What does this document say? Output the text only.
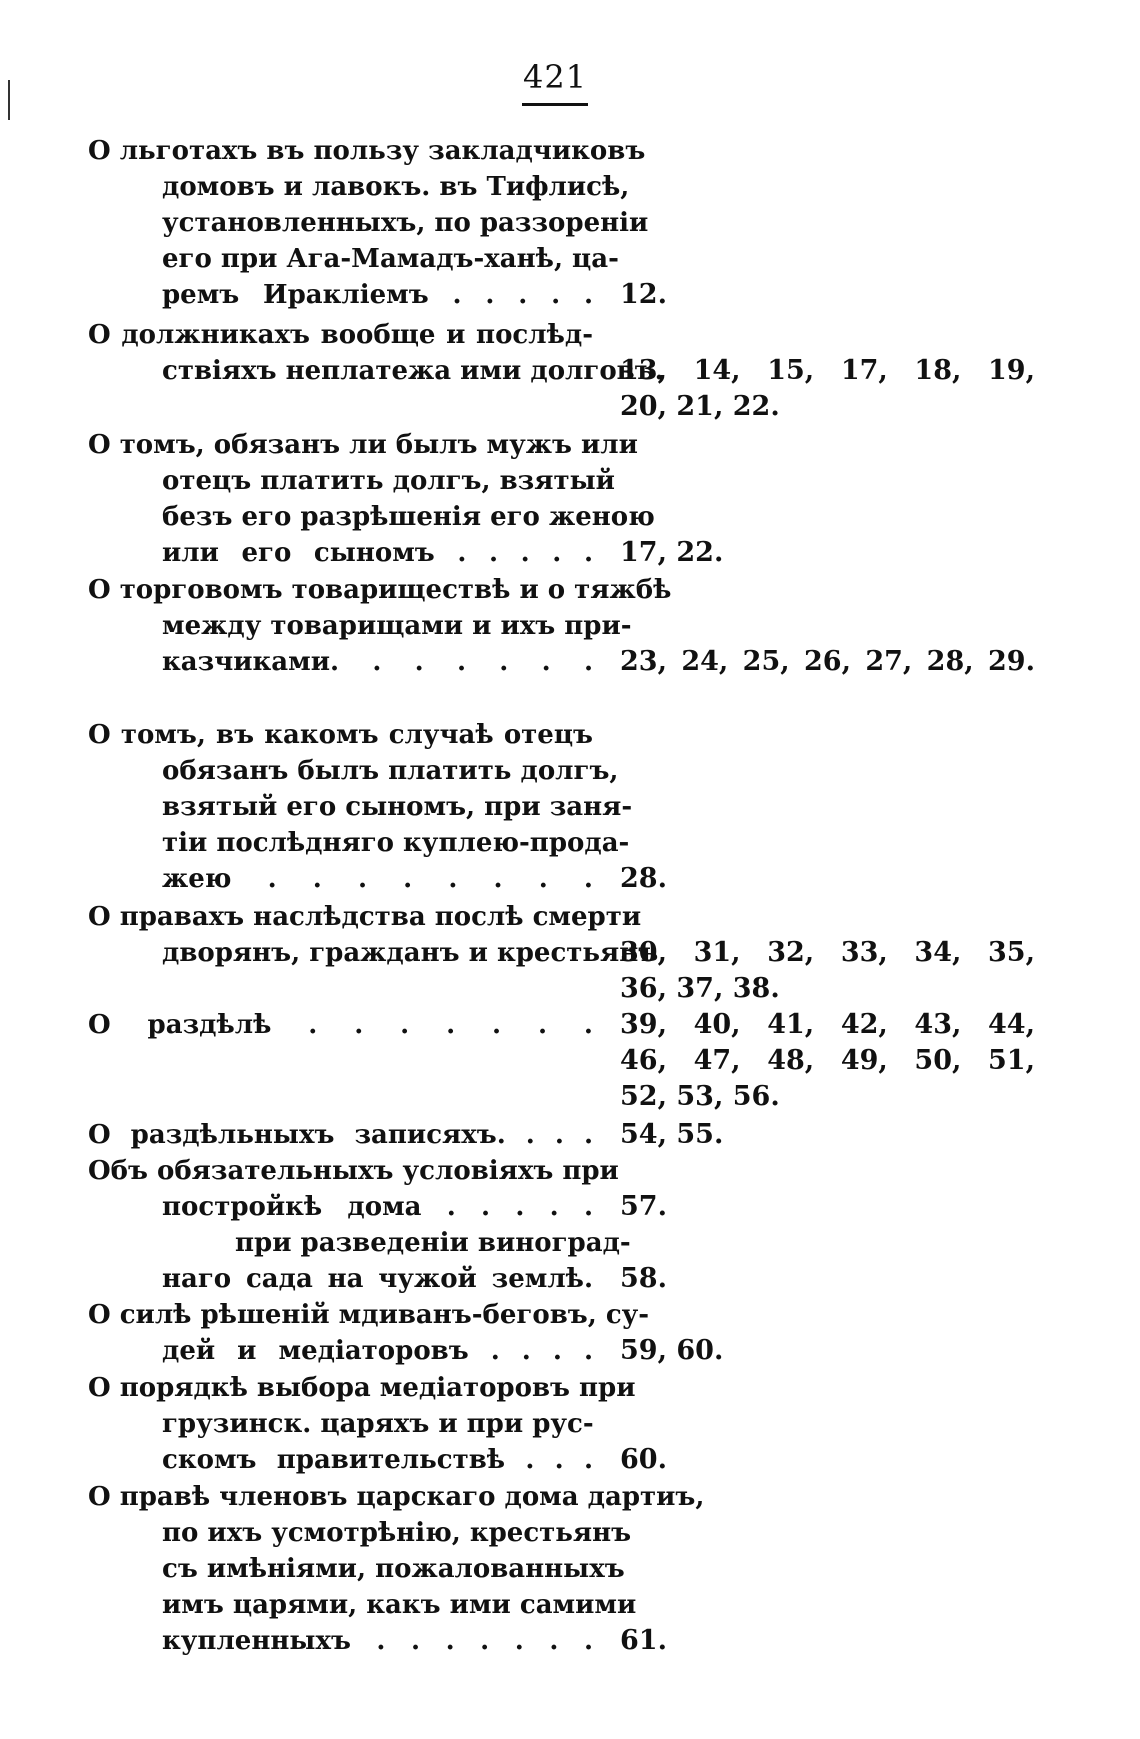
421
О льготахъ въ пользу закладчиковъ
домовъ и лавокъ. въ Тифлисѣ,
установленныхъ, по раззореніи
его при Ага-Мамадъ-ханѣ, ца-
ремъ Иракліемъ . . . . . 12.
О должникахъ вообще и послѣд-
ствіяхъ неплатежа ими долговъ.
13, 14, 15, 17, 18, 19,
20, 21, 22.
О томъ, обязанъ ли былъ мужъ или
отецъ платить долгъ, взятый
безъ его разрѣшенія его женою
или его сыномъ . . . . . 17, 22.
О торговомъ товариществѣ и о тяжбѣ
между товарищами и ихъ при-
казчиками. . . . . . . 23, 24, 25, 26, 27, 28, 29.
О томъ, въ какомъ случаѣ отецъ
обязанъ былъ платить долгъ,
взятый его сыномъ, при заня-
тіи послѣдняго куплею-прода-
жею . . . . . . . . 28.
О правахъ наслѣдства послѣ смерти
дворянъ, гражданъ и крестьянъ
30, 31, 32, 33, 34, 35,
36, 37, 38.
О раздѣлѣ . . . . . . . 39, 40, 41, 42, 43, 44,
46, 47, 48, 49, 50, 51,
52, 53, 56.
О раздѣльныхъ записяхъ. . . . 54, 55.
Объ обязательныхъ условіяхъ при
постройкѣ дома . . . . . 57.
при разведеніи виноград-
наго сада на чужой землѣ. 58.
О силѣ рѣшеній мдиванъ-беговъ, су-
дей и медіаторовъ . . . . 59, 60.
О порядкѣ выбора медіаторовъ при
грузинск. царяхъ и при рус-
скомъ правительствѣ . . . 60.
О правѣ членовъ царскаго дома дартиъ,
по ихъ усмотрѣнію, крестьянъ
съ имѣніями, пожалованныхъ
имъ царями, какъ ими самими
купленныхъ . . . . . . . 61.
